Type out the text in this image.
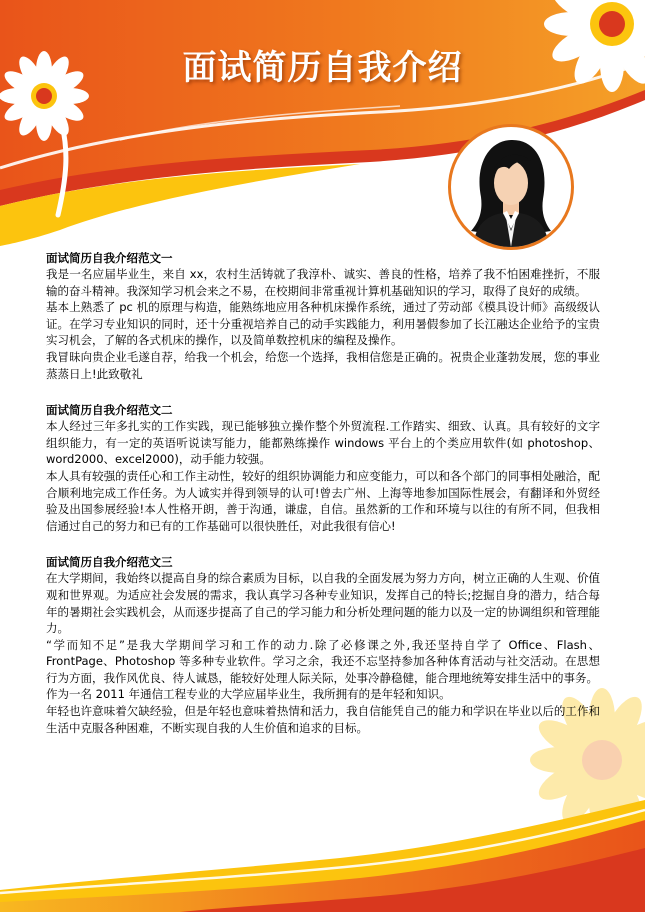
面试简历自我介绍
面试简历自我介绍范文一

我是一名应届毕业生，来自 xx，农村生活铸就了我淳朴、诚实、善良的性格，培养了我不怕困难挫折，不服输的奋斗精神。我深知学习机会来之不易，在校期间非常重视计算机基础知识的学习，取得了良好的成绩。

基本上熟悉了 pc 机的原理与构造，能熟练地应用各种机床操作系统，通过了劳动部《模具设计师》高级级认证。在学习专业知识的同时，还十分重视培养自己的动手实践能力，利用暑假参加了长江融达企业给予的宝贵实习机会，了解的各式机床的操作，以及简单数控机床的编程及操作。

我冒昧向贵企业毛遂自荐，给我一个机会，给您一个选择，我相信您是正确的。祝贵企业蓬勃发展，您的事业蒸蒸日上!此致敬礼

面试简历自我介绍范文二

本人经过三年多扎实的工作实践，现已能够独立操作整个外贸流程.工作踏实、细致、认真。具有较好的文字组织能力，有一定的英语听说读写能力，能都熟练操作 windows 平台上的个类应用软件(如 photoshop、word2000、excel2000)，动手能力较强。

本人具有较强的责任心和工作主动性，较好的组织协调能力和应变能力，可以和各个部门的同事相处融洽，配合顺利地完成工作任务。为人诚实并得到领导的认可!曾去广州、上海等地参加国际性展会，有翻译和外贸经验及出国参展经验!本人性格开朗，善于沟通，谦虚，自信。虽然新的工作和环境与以往的有所不同，但我相信通过自己的努力和已有的工作基础可以很快胜任，对此我很有信心!

面试简历自我介绍范文三

在大学期间，我始终以提高自身的综合素质为目标，以自我的全面发展为努力方向，树立正确的人生观、价值观和世界观。为适应社会发展的需求，我认真学习各种专业知识，发挥自己的特长;挖掘自身的潜力，结合每年的暑期社会实践机会，从而逐步提高了自己的学习能力和分析处理问题的能力以及一定的协调组织和管理能力。

“学而知不足”是我大学期间学习和工作的动力.除了必修课之外,我还坚持自学了 Office、Flash、FrontPage、Photoshop 等多种专业软件。学习之余，我还不忘坚持参加各种体育活动与社交活动。在思想行为方面，我作风优良、待人诚恳，能较好处理人际关际，处事冷静稳健，能合理地统筹安排生活中的事务。

作为一名 2011 年通信工程专业的大学应届毕业生，我所拥有的是年轻和知识。

年轻也许意味着欠缺经验，但是年轻也意味着热情和活力，我自信能凭自己的能力和学识在毕业以后的工作和生活中克服各种困难，不断实现自我的人生价值和追求的目标。
